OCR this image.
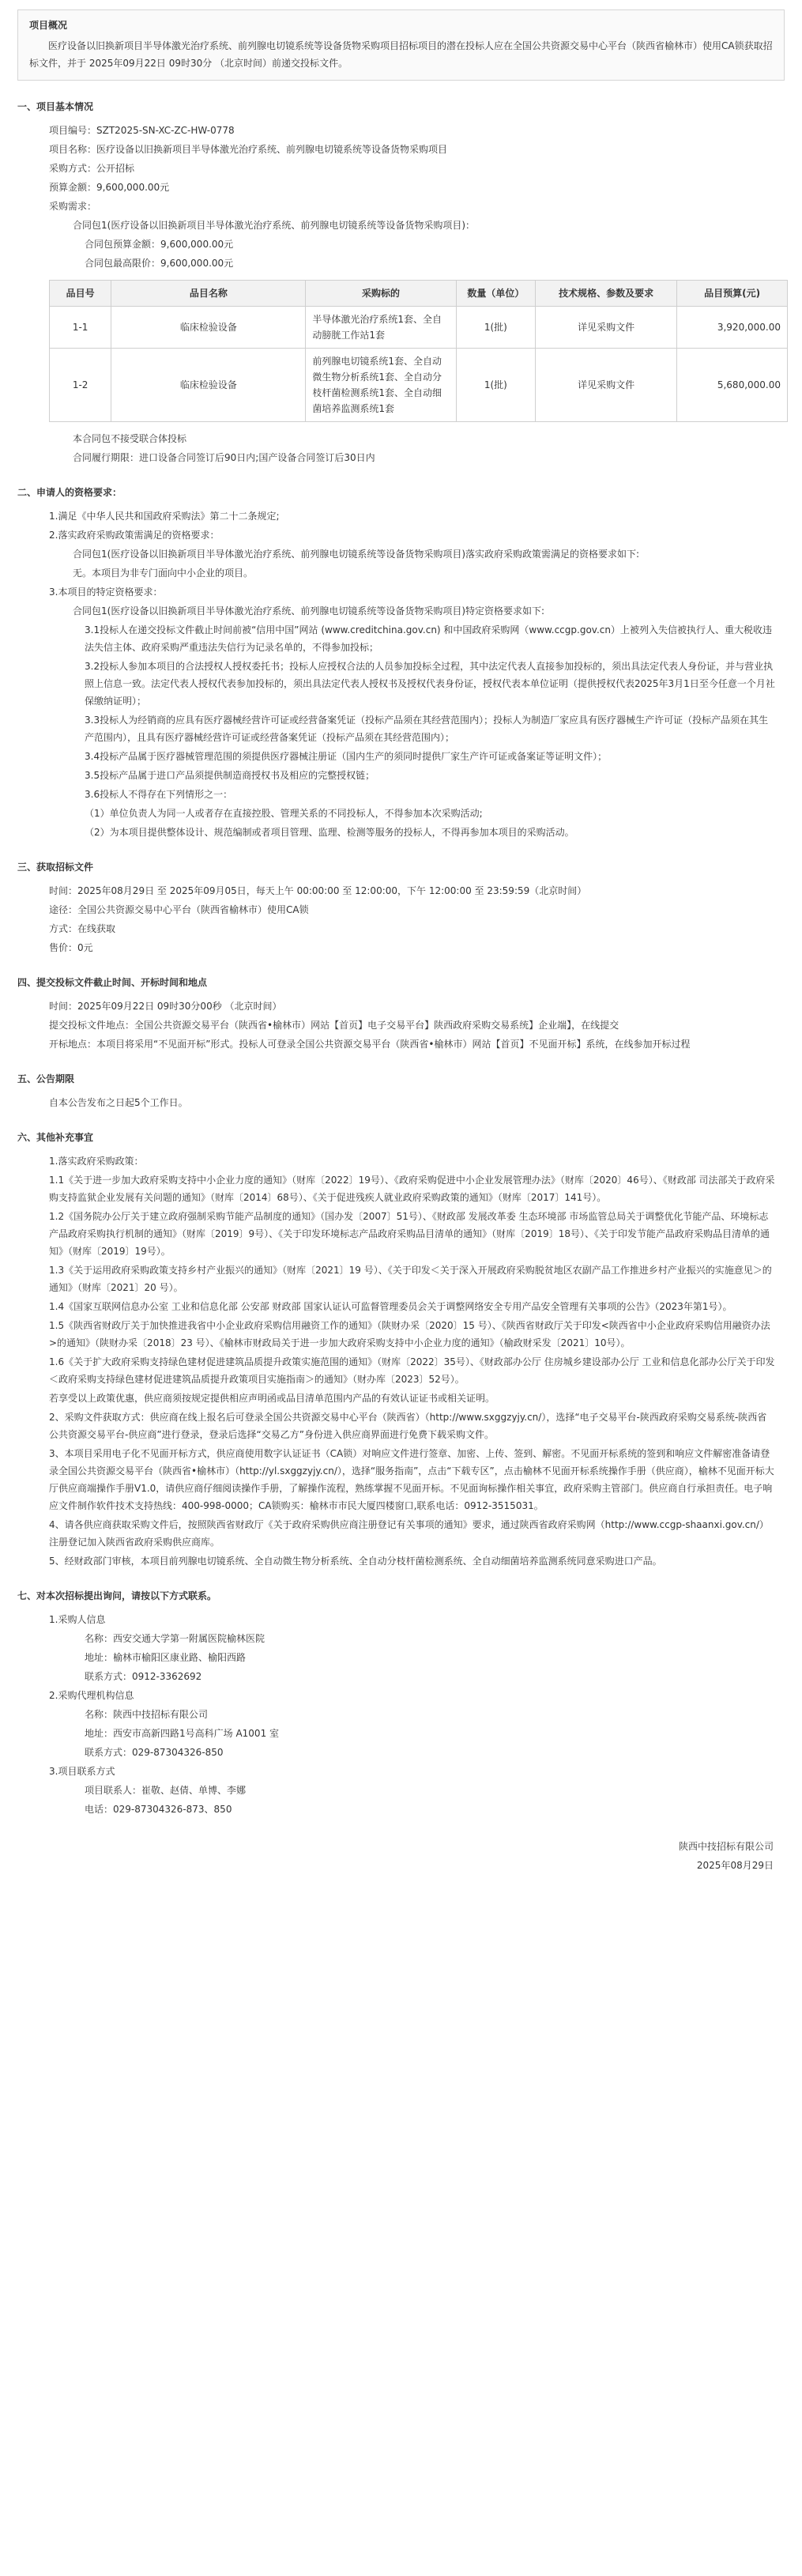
项目概况
医疗设备以旧换新项目半导体激光治疗系统、前列腺电切镜系统等设备货物采购项目招标项目的潜在投标人应在全国公共资源交易中心平台（陕西省榆林市）使用CA锁获取招标文件，并于 2025年09月22日 09时30分 （北京时间）前递交投标文件。
一、项目基本情况
项目编号：SZT2025-SN-XC-ZC-HW-0778
项目名称：医疗设备以旧换新项目半导体激光治疗系统、前列腺电切镜系统等设备货物采购项目
采购方式：公开招标
预算金额：9,600,000.00元
采购需求：
合同包1(医疗设备以旧换新项目半导体激光治疗系统、前列腺电切镜系统等设备货物采购项目)：
合同包预算金额：9,600,000.00元
合同包最高限价：9,600,000.00元
品目号	品目名称	采购标的	数量（单位）	技术规格、参数及要求	品目预算(元)
1-1	临床检验设备	半导体激光治疗系统1套、全自动膀胱工作站1套	1(批)	详见采购文件	3,920,000.00
1-2	临床检验设备	前列腺电切镜系统1套、全自动微生物分析系统1套、全自动分枝杆菌检测系统1套、全自动细菌培养监测系统1套	1(批)	详见采购文件	5,680,000.00
本合同包不接受联合体投标
合同履行期限：进口设备合同签订后90日内;国产设备合同签订后30日内
二、申请人的资格要求：
1.满足《中华人民共和国政府采购法》第二十二条规定;
2.落实政府采购政策需满足的资格要求：
合同包1(医疗设备以旧换新项目半导体激光治疗系统、前列腺电切镜系统等设备货物采购项目)落实政府采购政策需满足的资格要求如下:
无。本项目为非专门面向中小企业的项目。
3.本项目的特定资格要求：
合同包1(医疗设备以旧换新项目半导体激光治疗系统、前列腺电切镜系统等设备货物采购项目)特定资格要求如下:
3.1投标人在递交投标文件截止时间前被“信用中国”网站 (www.creditchina.gov.cn) 和中国政府采购网（www.ccgp.gov.cn）上被列入失信被执行人、重大税收违法失信主体、政府采购严重违法失信行为记录名单的，不得参加投标；
3.2投标人参加本项目的合法授权人授权委托书；投标人应授权合法的人员参加投标全过程，其中法定代表人直接参加投标的，须出具法定代表人身份证，并与营业执照上信息一致。法定代表人授权代表参加投标的，须出具法定代表人授权书及授权代表身份证，授权代表本单位证明（提供授权代表2025年3月1日至今任意一个月社保缴纳证明）；
3.3投标人为经销商的应具有医疗器械经营许可证或经营备案凭证（投标产品须在其经营范围内）；投标人为制造厂家应具有医疗器械生产许可证（投标产品须在其生产范围内），且具有医疗器械经营许可证或经营备案凭证（投标产品须在其经营范围内）；
3.4投标产品属于医疗器械管理范围的须提供医疗器械注册证（国内生产的须同时提供厂家生产许可证或备案证等证明文件）；
3.5投标产品属于进口产品须提供制造商授权书及相应的完整授权链；
3.6投标人不得存在下列情形之一：
（1）单位负责人为同一人或者存在直接控股、管理关系的不同投标人，不得参加本次采购活动;
（2）为本项目提供整体设计、规范编制或者项目管理、监理、检测等服务的投标人，不得再参加本项目的采购活动。
三、获取招标文件
时间：2025年08月29日 至 2025年09月05日，每天上午 00:00:00 至 12:00:00，下午 12:00:00 至 23:59:59（北京时间）
途径：全国公共资源交易中心平台（陕西省榆林市）使用CA锁
方式：在线获取
售价：0元
四、提交投标文件截止时间、开标时间和地点
时间：2025年09月22日 09时30分00秒 （北京时间）
提交投标文件地点：全国公共资源交易平台（陕西省•榆林市）网站【首页】电子交易平台】陕西政府采购交易系统】企业端】，在线提交
开标地点：本项目将采用“不见面开标”形式。投标人可登录全国公共资源交易平台（陕西省•榆林市）网站【首页】不见面开标】系统，在线参加开标过程
五、公告期限
自本公告发布之日起5个工作日。
六、其他补充事宜
1.落实政府采购政策：
1.1《关于进一步加大政府采购支持中小企业力度的通知》（财库〔2022〕19号）、《政府采购促进中小企业发展管理办法》（财库〔2020〕46号）、《财政部 司法部关于政府采购支持监狱企业发展有关问题的通知》（财库〔2014〕68号）、《关于促进残疾人就业政府采购政策的通知》（财库〔2017〕141号）。
1.2《国务院办公厅关于建立政府强制采购节能产品制度的通知》（国办发〔2007〕51号）、《财政部 发展改革委 生态环境部 市场监管总局关于调整优化节能产品、环境标志产品政府采购执行机制的通知》（财库〔2019〕9号）、《关于印发环境标志产品政府采购品目清单的通知》（财库〔2019〕18号）、《关于印发节能产品政府采购品目清单的通知》（财库〔2019〕19号）。
1.3《关于运用政府采购政策支持乡村产业振兴的通知》（财库〔2021〕19 号）、《关于印发＜关于深入开展政府采购脱贫地区农副产品工作推进乡村产业振兴的实施意见＞的通知》（财库〔2021〕20 号）。
1.4《国家互联网信息办公室 工业和信息化部 公安部 财政部 国家认证认可监督管理委员会关于调整网络安全专用产品安全管理有关事项的公告》（2023年第1号）。
1.5《陕西省财政厅关于加快推进我省中小企业政府采购信用融资工作的通知》（陕财办采〔2020〕15 号）、《陕西省财政厅关于印发<陕西省中小企业政府采购信用融资办法>的通知》（陕财办采〔2018〕23 号）、《榆林市财政局关于进一步加大政府采购支持中小企业力度的通知》（榆政财采发〔2021〕10号）。
1.6《关于扩大政府采购支持绿色建材促进建筑品质提升政策实施范围的通知》（财库〔2022〕35号）、《财政部办公厅 住房城乡建设部办公厅 工业和信息化部办公厅关于印发＜政府采购支持绿色建材促进建筑品质提升政策项目实施指南＞的通知》（财办库〔2023〕52号）。
若享受以上政策优惠，供应商须按规定提供相应声明函或品目清单范围内产品的有效认证证书或相关证明。
2、采购文件获取方式：供应商在线上报名后可登录全国公共资源交易中心平台（陕西省）（http://www.sxggzyjy.cn/），选择“电子交易平台-陕西政府采购交易系统-陕西省公共资源交易平台-供应商”进行登录，登录后选择“交易乙方”身份进入供应商界面进行免费下载采购文件。
3、本项目采用电子化不见面开标方式，供应商使用数字认证证书（CA锁）对响应文件进行签章、加密、上传、签到、解密。不见面开标系统的签到和响应文件解密准备请登录全国公共资源交易平台（陕西省•榆林市）（http://yl.sxggzyjy.cn/），选择“服务指南”，点击“下载专区”，点击榆林不见面开标系统操作手册（供应商），榆林不见面开标大厅供应商端操作手册V1.0，请供应商仔细阅读操作手册，了解操作流程，熟练掌握不见面开标。不见面询标操作相关事宜，政府采购主管部门。供应商自行承担责任。电子响应文件制作软件技术支持热线：400-998-0000；CA锁购买：榆林市市民大厦四楼窗口,联系电话：0912-3515031。
4、请各供应商获取采购文件后，按照陕西省财政厅《关于政府采购供应商注册登记有关事项的通知》要求，通过陕西省政府采购网（http://www.ccgp-shaanxi.gov.cn/）注册登记加入陕西省政府采购供应商库。
5、经财政部门审核，本项目前列腺电切镜系统、全自动微生物分析系统、全自动分枝杆菌检测系统、全自动细菌培养监测系统同意采购进口产品。
七、对本次招标提出询问，请按以下方式联系。
1.采购人信息
名称：西安交通大学第一附属医院榆林医院
地址：榆林市榆阳区康业路、榆阳西路
联系方式：0912-3362692
2.采购代理机构信息
名称：陕西中技招标有限公司
地址：西安市高新四路1号高科广场 A1001 室
联系方式：029-87304326-850
3.项目联系方式
项目联系人：崔敬、赵倩、单博、李娜
电话：029-87304326-873、850
陕西中技招标有限公司
2025年08月29日
